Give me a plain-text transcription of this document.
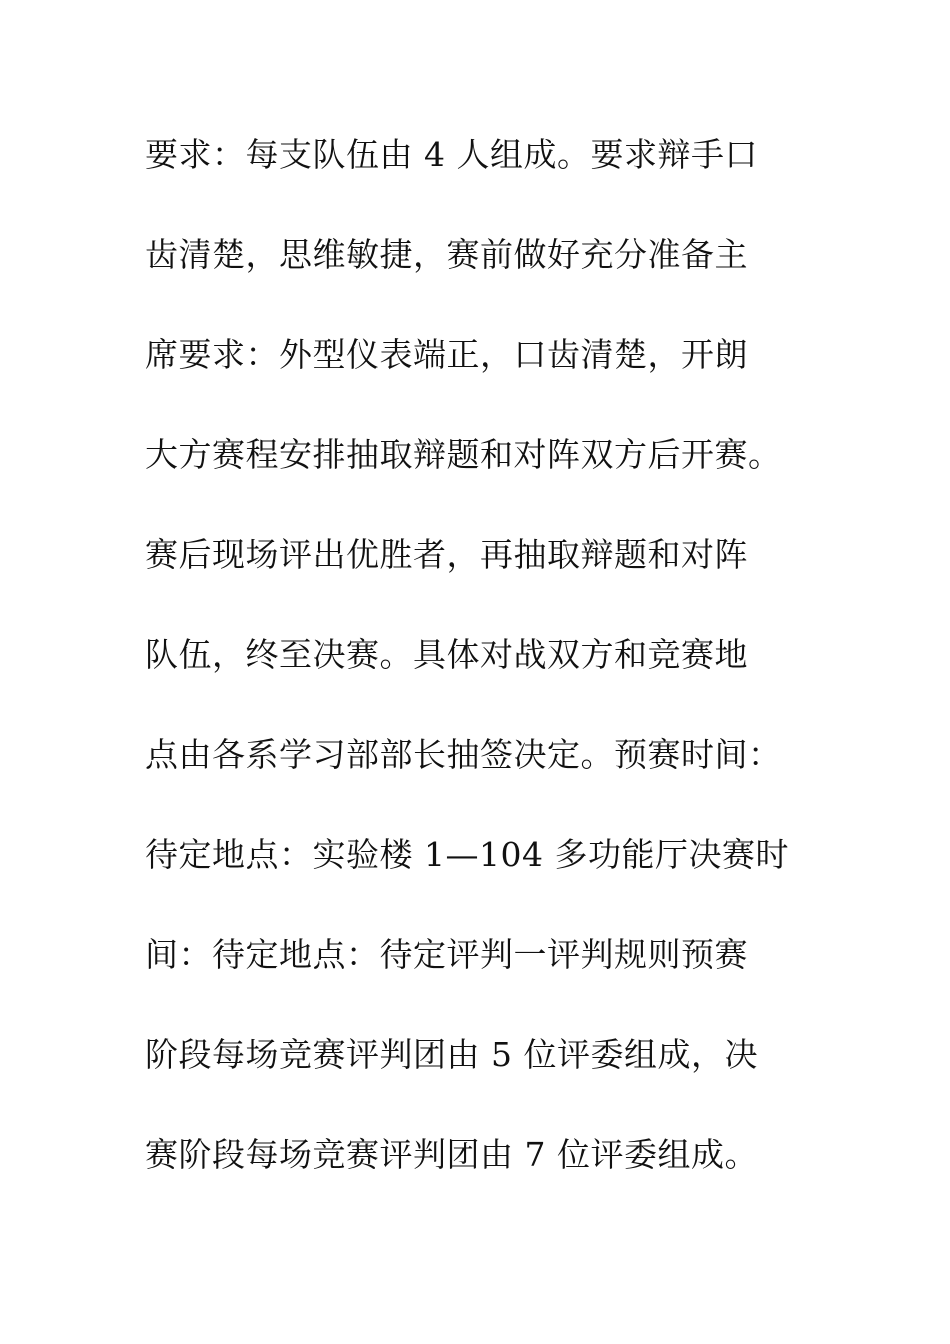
要求：每支队伍由 4 人组成。要求辩手口
齿清楚，思维敏捷，赛前做好充分准备主
席要求：外型仪表端正，口齿清楚，开朗
大方赛程安排抽取辩题和对阵双方后开赛。
赛后现场评出优胜者，再抽取辩题和对阵
队伍，终至决赛。具体对战双方和竞赛地
点由各系学习部部长抽签决定。预赛时间：
待定地点：实验楼 1—104 多功能厅决赛时
间：待定地点：待定评判一评判规则预赛
阶段每场竞赛评判团由 5 位评委组成，决
赛阶段每场竞赛评判团由 7 位评委组成。
